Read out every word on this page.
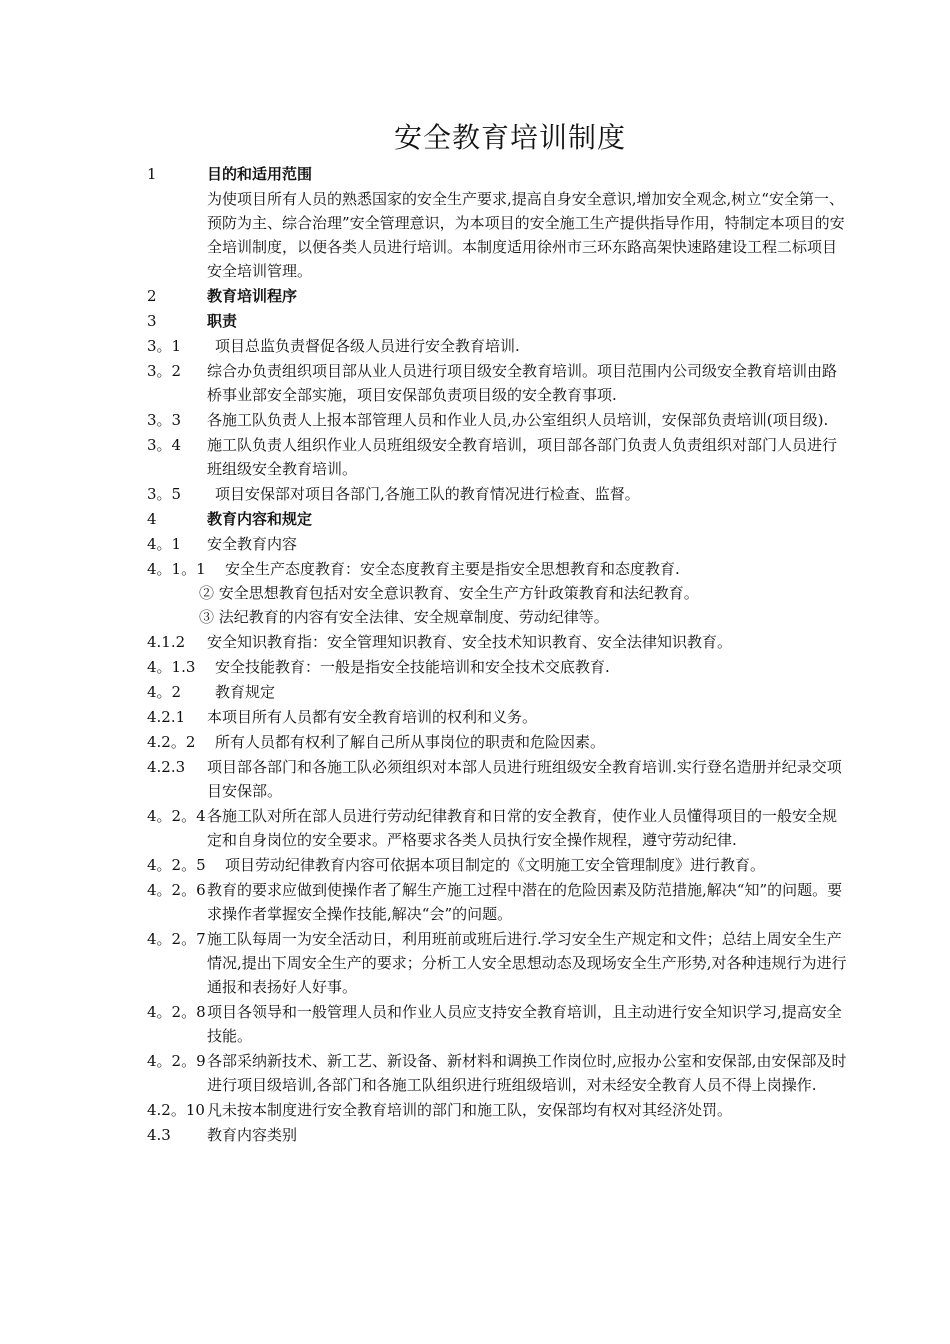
安全教育培训制度
1	目的和适用范围
为使项目所有人员的熟悉国家的安全生产要求,提高自身安全意识,增加安全观念,树立“安全第一、预防为主、综合治理”安全管理意识，为本项目的安全施工生产提供指导作用，特制定本项目的安全培训制度，以便各类人员进行培训。本制度适用徐州市三环东路高架快速路建设工程二标项目安全培训管理。
2	教育培训程序
3	职责
3。1	项目总监负责督促各级人员进行安全教育培训.
3。2	综合办负责组织项目部从业人员进行项目级安全教育培训。项目范围内公司级安全教育培训由路桥事业部安全部实施，项目安保部负责项目级的安全教育事项.
3。3	各施工队负责人上报本部管理人员和作业人员,办公室组织人员培训，安保部负责培训(项目级).
3。4	施工队负责人组织作业人员班组级安全教育培训，项目部各部门负责人负责组织对部门人员进行班组级安全教育培训。
3。5	项目安保部对项目各部门,各施工队的教育情况进行检查、监督。
4	教育内容和规定
4。1	安全教育内容
4。1。1	安全生产态度教育：安全态度教育主要是指安全思想教育和态度教育.
② 安全思想教育包括对安全意识教育、安全生产方针政策教育和法纪教育。
③ 法纪教育的内容有安全法律、安全规章制度、劳动纪律等。
4.1.2	安全知识教育指：安全管理知识教育、安全技术知识教育、安全法律知识教育。
4。1.3	安全技能教育：一般是指安全技能培训和安全技术交底教育.
4。2	教育规定
4.2.1	本项目所有人员都有安全教育培训的权利和义务。
4.2。2	所有人员都有权利了解自己所从事岗位的职责和危险因素。
4.2.3	项目部各部门和各施工队必须组织对本部人员进行班组级安全教育培训.实行登名造册并纪录交项目安保部。
4。2。4 各施工队对所在部人员进行劳动纪律教育和日常的安全教育，使作业人员懂得项目的一般安全规定和自身岗位的安全要求。严格要求各类人员执行安全操作规程，遵守劳动纪律.
4。2。5	项目劳动纪律教育内容可依据本项目制定的《文明施工安全管理制度》进行教育。
4。2。6 教育的要求应做到使操作者了解生产施工过程中潜在的危险因素及防范措施,解决“知”的问题。要求操作者掌握安全操作技能,解决“会”的问题。
4。2。7 施工队每周一为安全活动日，利用班前或班后进行.学习安全生产规定和文件；总结上周安全生产情况,提出下周安全生产的要求；分析工人安全思想动态及现场安全生产形势,对各种违规行为进行通报和表扬好人好事。
4。2。8 项目各领导和一般管理人员和作业人员应支持安全教育培训，且主动进行安全知识学习,提高安全技能。
4。2。9 各部采纳新技术、新工艺、新设备、新材料和调换工作岗位时,应报办公室和安保部,由安保部及时进行项目级培训,各部门和各施工队组织进行班组级培训，对未经安全教育人员不得上岗操作.
4.2。10 凡未按本制度进行安全教育培训的部门和施工队，安保部均有权对其经济处罚。
4.3	教育内容类别
